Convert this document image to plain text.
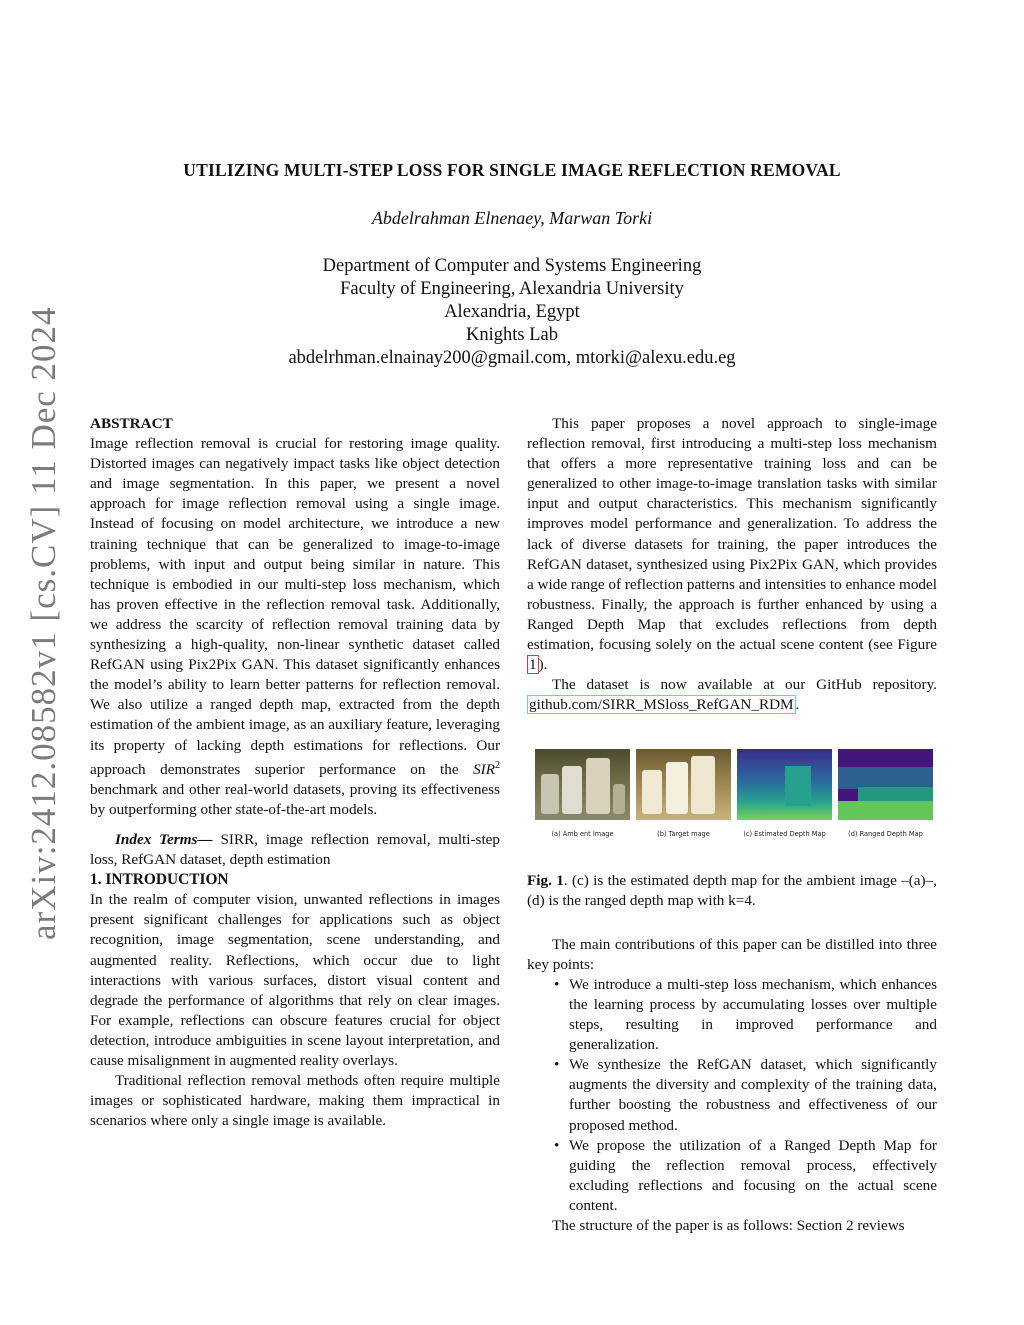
arXiv:2412.08582v1 [cs.CV] 11 Dec 2024
UTILIZING MULTI-STEP LOSS FOR SINGLE IMAGE REFLECTION REMOVAL
Abdelrahman Elnenaey, Marwan Torki
Department of Computer and Systems Engineering
Faculty of Engineering, Alexandria University
Alexandria, Egypt
Knights Lab
abdelrhman.elnainay200@gmail.com, mtorki@alexu.edu.eg

ABSTRACT

Image reflection removal is crucial for restoring image quality. Distorted images can negatively impact tasks like object detection and image segmentation. In this paper, we present a novel approach for image reflection removal using a single image. Instead of focusing on model architecture, we introduce a new training technique that can be generalized to image-to-image problems, with input and output being similar in nature. This technique is embodied in our multi-step loss mechanism, which has proven effective in the reflection removal task. Additionally, we address the scarcity of reflection removal training data by synthesizing a high-quality, non-linear synthetic dataset called RefGAN using Pix2Pix GAN. This dataset significantly enhances the model’s ability to learn better patterns for reflection removal. We also utilize a ranged depth map, extracted from the depth estimation of the ambient image, as an auxiliary feature, leveraging its property of lacking depth estimations for reflections. Our approach demonstrates superior performance on the SIR$^2$ benchmark and other real-world datasets, proving its effectiveness by outperforming other state-of-the-art models.

Index Terms— SIRR, image reflection removal, multi-step loss, RefGAN dataset, depth estimation

1. INTRODUCTION

In the realm of computer vision, unwanted reflections in images present significant challenges for applications such as object recognition, image segmentation, scene understanding, and augmented reality. Reflections, which occur due to light interactions with various surfaces, distort visual content and degrade the performance of algorithms that rely on clear images. For example, reflections can obscure features crucial for object detection, introduce ambiguities in scene layout interpretation, and cause misalignment in augmented reality overlays.

Traditional reflection removal methods often require multiple images or sophisticated hardware, making them impractical in scenarios where only a single image is available.

This paper proposes a novel approach to single-image reflection removal, first introducing a multi-step loss mechanism that offers a more representative training loss and can be generalized to other image-to-image translation tasks with similar input and output characteristics. This mechanism significantly improves model performance and generalization. To address the lack of diverse datasets for training, the paper introduces the RefGAN dataset, synthesized using Pix2Pix GAN, which provides a wide range of reflection patterns and intensities to enhance model robustness. Finally, the approach is further enhanced by using a Ranged Depth Map that excludes reflections from depth estimation, focusing solely on the actual scene content (see Figure 1 ).

The dataset is now available at our GitHub repository. github.com/SIRR_MSloss_RefGAN_RDM .

(a) Amb ent Image	(b) Target mage	(c) Estimated Depth Map	(d) Ranged Depth Map

Fig. 1. (c) is the estimated depth map for the ambient image –(a)–, (d) is the ranged depth map with k=4.

The main contributions of this paper can be distilled into three key points:

• We introduce a multi-step loss mechanism, which enhances the learning process by accumulating losses over multiple steps, resulting in improved performance and generalization.
• We synthesize the RefGAN dataset, which significantly augments the diversity and complexity of the training data, further boosting the robustness and effectiveness of our proposed method.
• We propose the utilization of a Ranged Depth Map for guiding the reflection removal process, effectively excluding reflections and focusing on the actual scene content.

The structure of the paper is as follows: Section 2 reviews
